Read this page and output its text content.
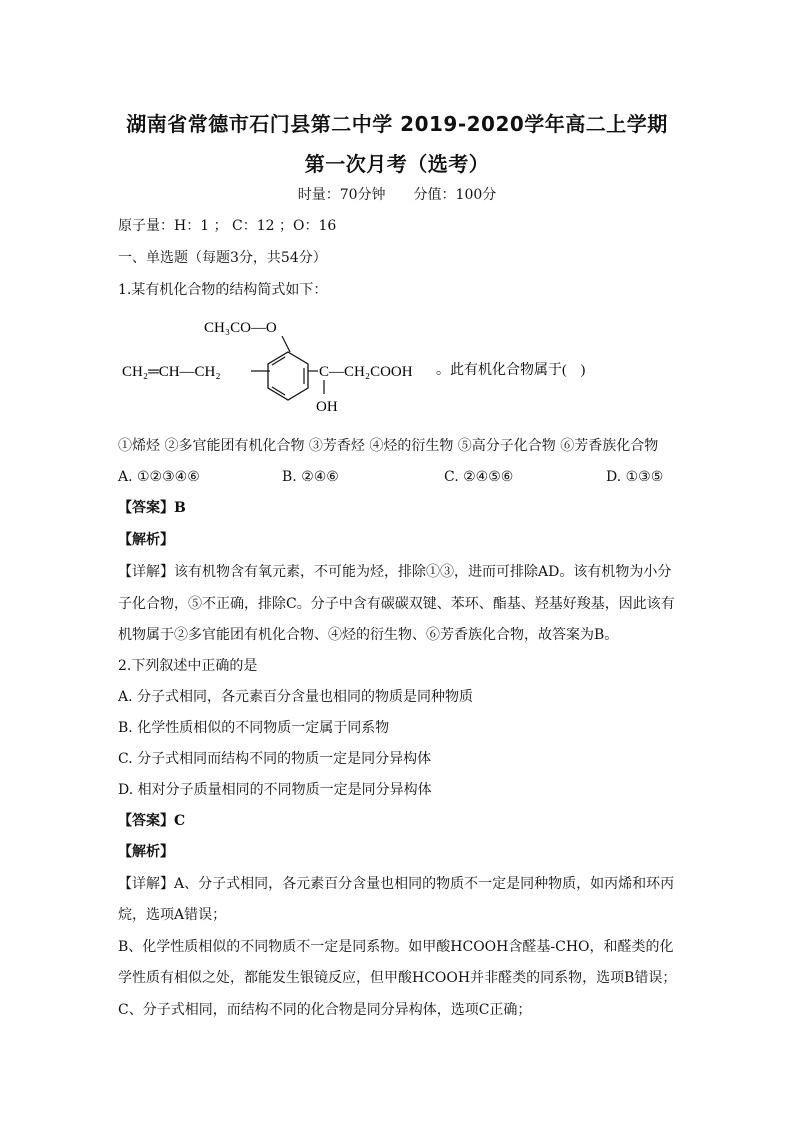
湖南省常德市石门县第二中学 2019-2020学年高二上学期
第一次月考（选考）
时量：70分钟　　分值：100分
原子量：H：1 ； C：12 ；O：16
一、单选题（每题3分，共54分）
1.某有机化合物的结构简式如下：
CH₃CO—O
CH₂═CH—CH₂	C—CH₂COOH
OH
。此有机化合物属于(　)
①烯烃 ②多官能团有机化合物 ③芳香烃 ④烃的衍生物 ⑤高分子化合物 ⑥芳香族化合物
A. ①②③④⑥	B. ②④⑥	C. ②④⑤⑥	D. ①③⑤
【答案】B
【解析】
【详解】该有机物含有氧元素，不可能为烃，排除①③，进而可排除AD。该有机物为小分
子化合物，⑤不正确，排除C。分子中含有碳碳双键、苯环、酯基、羟基好羧基，因此该有
机物属于②多官能团有机化合物、④烃的衍生物、⑥芳香族化合物，故答案为B。
2.下列叙述中正确的是
A. 分子式相同，各元素百分含量也相同的物质是同种物质
B. 化学性质相似的不同物质一定属于同系物
C. 分子式相同而结构不同的物质一定是同分异构体
D. 相对分子质量相同的不同物质一定是同分异构体
【答案】C
【解析】
【详解】A、分子式相同，各元素百分含量也相同的物质不一定是同种物质，如丙烯和环丙
烷，选项A错误；
B、化学性质相似的不同物质不一定是同系物。如甲酸HCOOH含醛基-CHO，和醛类的化
学性质有相似之处，都能发生银镜反应，但甲酸HCOOH并非醛类的同系物，选项B错误；
C、分子式相同，而结构不同的化合物是同分异构体，选项C正确；
